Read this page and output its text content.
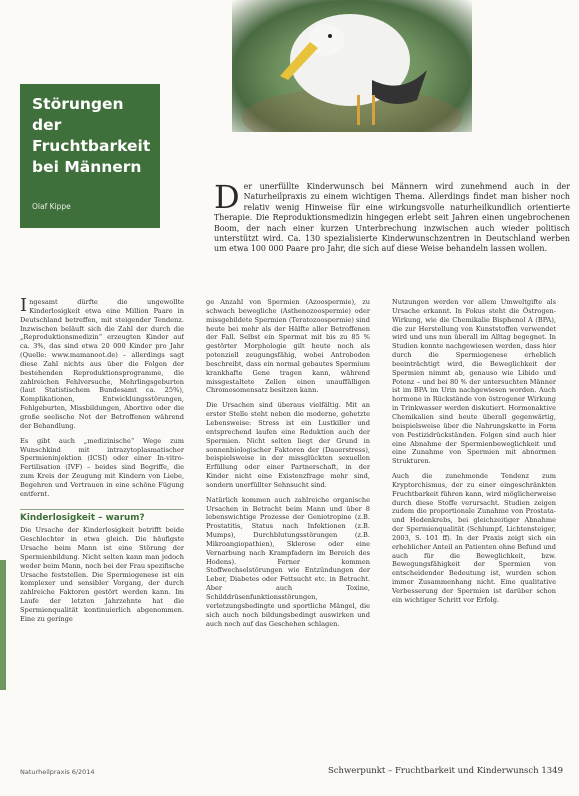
Störungen der Fruchtbarkeit bei Männern
Olaf Kippe	D er unerfüllte Kinderwunsch bei Männern wird zunehmend auch in der Naturheilpraxis zu einem wichtigen Thema. Allerdings findet man bisher noch relativ wenig Hinweise für eine wirkungsvolle naturheilkundlich orientierte Therapie. Die Reproduktionsmedizin hingegen erlebt seit Jahren einen ungebrochenen Boom, der nach einer kurzen Unterbrechung inzwischen auch wieder politisch unterstützt wird. Ca. 130 spezialisierte Kinderwunschzentren in Deutschland werben um etwa 100 000 Paare pro Jahr, die sich auf diese Weise behandeln lassen wollen.

Ingesamt dürfte die ungewollte Kinderlosigkeit etwa eine Million Paare in Deutschland betreffen, mit steigender Tendenz. Inzwischen beläuft sich die Zahl der durch die „Reproduktionsmedizin“ erzeugten Kinder auf ca. 3%, das sind etwa 20 000 Kinder pro Jahr (Quelle: www.mamanoot.de) – allerdings sagt diese Zahl nichts aus über die Folgen der bestehenden Reproduktionsprogramme, die zahlreichen Fehlversuche, Mehrlingsgeburten (laut Statistischem Bundesamt ca. 25%), Komplikationen, Entwicklungsstörungen, Fehlgeburten, Missbildungen, Abortive oder die große seelische Not der Betroffenen während der Behandlung.

Es gibt auch „medizinische“ Wege zum Wunschkind mit intrazytoplasmatischer Spermieninjektion (ICSI) oder einer In-vitro-Fertilisation (IVF) – beides sind Begriffe, die zum Kreis der Zeugung mit Kindern von Liebe, Begehren und Vertrauen in eine schöne Fügung entfernt.

Kinderlosigkeit – warum?

Die Ursache der Kinderlosigkeit betrifft beide Geschlechter in etwa gleich. Die häufigste Ursache beim Mann ist eine Störung der Spermienbildung. Nicht selten kann man jedoch weder beim Mann, noch bei der Frau spezifische Ursache feststellen. Die Spermiogenese ist ein komplexer und sensibler Vorgang, der durch zahlreiche Faktoren gestört werden kann. Im Laufe der letzten Jahrzehnte hat die Spermienqualität kontinuierlich abgenommen. Eine zu geringe

ge Anzahl von Spermien (Azoospermie), zu schwach bewegliche (Asthenozoospermie) oder missgebildete Spermien (Teratozoospermie) sind heute bei mehr als der Hälfte aller Betroffenen der Fall. Selbst ein Spermat mit bis zu 85 % gestörter Morphologie gilt heute noch als potenziell zeugungsfähig, wobei Antroboden beschreibt, dass ein normal gebautes Spermium krankhafte Gene tragen kann, während missgestaltete Zellen einen unauffälligen Chromosomensatz besitzen kann.

Die Ursachen sind überaus vielfältig. Mit an erster Stelle steht neben die moderne, gehetzte Lebensweise: Stress ist ein Lustkiller und entsprechend laufen eine Reduktion auch der Spermien. Nicht selten liegt der Grund in sonnenbiologischer Faktoren der (Dauerstress), beispielsweise in der missglückten sexuellen Erfüllung oder einer Partnerschaft, in der Kinder nicht eine Existenzfrage mehr sind, sondern unerfüllter Sehnsucht sind.

Natürlich kommen auch zahlreiche organische Ursachen in Betracht beim Mann und über 8 lebenswichtige Prozesse der Geniotropine (z.B. Prostatitis, Status nach Infektionen (z.B. Mumps), Durchblutungsstörungen (z.B. Mikroangiopathien), Sklerose oder eine Vernarbung nach Krampfadern im Bereich des Hodens). Ferner kommen Stoffwechselstörungen wie Entzündungen der Leber, Diabetes oder Fettsucht etc. in Betracht. Aber auch Toxine, Schilddrüsenfunktionsstörungen, verletzungsbedingte und sportliche Mängel, die sich auch noch bildungsbedingt auswirken und auch noch auf das Geschehen schlagen.

Nutzungen werden vor allem Umweltgifte als Ursache erkannt. In Fokus steht die Östrogen-Wirkung, wie die Chemikalie Bisphenol A (BPA), die zur Herstellung von Kunststoffen verwendet wird und uns nun überall im Alltag begegnet. In Studien konnte nachgewiesen werden, dass hier durch die Spermiogenese erheblich beeinträchtigt wird, die Beweglichkeit der Spermien nimmt ab, genauso wie Libido und Potenz – und bei 80 % der untersuchten Männer ist im BPA im Urin nachgewiesen worden. Auch hormone in Rückstände von östrogener Wirkung in Trinkwasser werden diskutiert. Hormonaktive Chemikalien sind heute überall gegenwärtig, beispielsweise über die Nahrungskette in Form von Pestizidrückständen. Folgen sind auch hier eine Abnahme der Spermienbeweglichkeit und eine Zunahme von Spermien mit abnormen Strukturen.

Auch die zunehmende Tendenz zum Kryptorchismus, der zu einer eingeschränkten Fruchtbarkeit führen kann, wird möglicherweise durch diese Stoffe verursacht. Studien zeigen zudem die proportionale Zunahme von Prostata- und Hodenkrebs, bei gleichzeitiger Abnahme der Spermienqualität (Schlumpf, Lichtensteiger, 2003, S. 101 ff). In der Praxis zeigt sich ein erheblicher Anteil an Patienten ohne Befund und auch für die Beweglichkeit, bzw. Bewegungsfähigkeit der Spermien von entscheidender Bedeutung ist, wurden schon immer Zusammenhang nicht. Eine qualitative Verbesserung der Spermien ist darüber schon ein wichtiger Schritt vor Erfolg.

Naturheilpraxis 6/2014	Schwerpunkt – Fruchtbarkeit und Kinderwunsch 1349
